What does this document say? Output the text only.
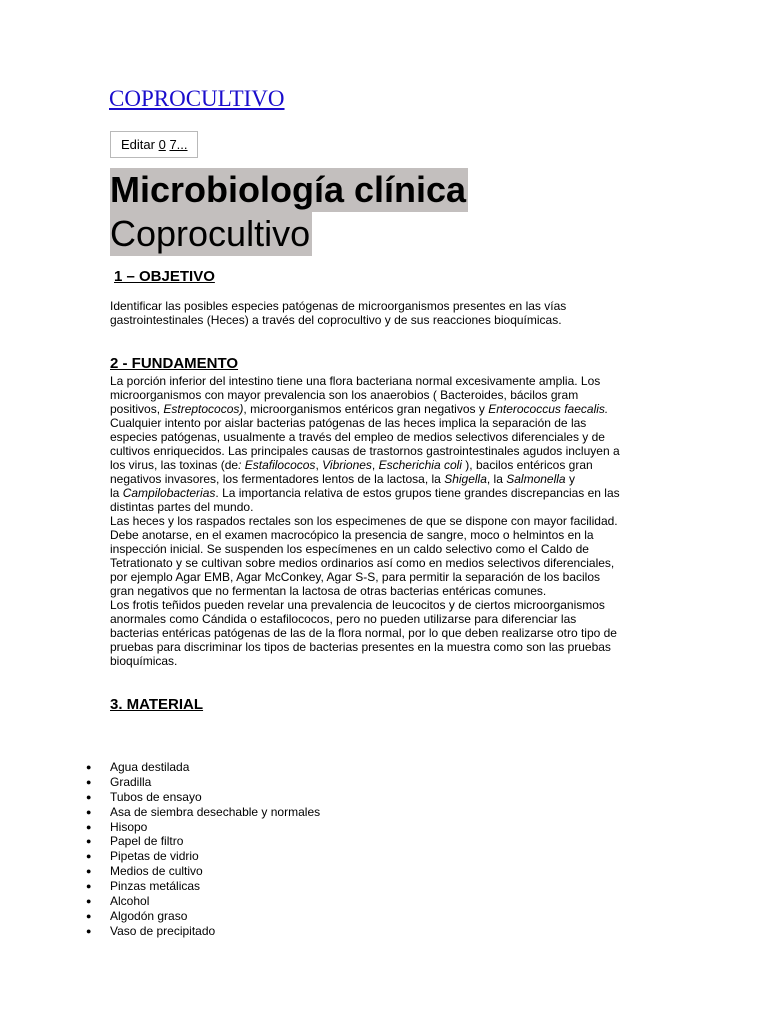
COPROCULTIVO
Editar 0 7...
Microbiología clínica
Coprocultivo
1 – OBJETIVO

Identificar las posibles especies patógenas de microorganismos presentes en las vías
gastrointestinales (Heces) a través del coprocultivo y de sus reacciones bioquímicas.

2 - FUNDAMENTO

La porción inferior del intestino tiene una flora bacteriana normal excesivamente amplia. Los
microorganismos con mayor prevalencia son los anaerobios ( Bacteroides, bácilos gram
positivos, Estreptococos), microorganismos entéricos gran negativos y Enterococcus faecalis.
Cualquier intento por aislar bacterias patógenas de las heces implica la separación de las
especies patógenas, usualmente a través del empleo de medios selectivos diferenciales y de
cultivos enriquecidos. Las principales causas de trastornos gastrointestinales agudos incluyen a
los virus, las toxinas (de: Estafilococos, Vibriones, Escherichia coli ), bacilos entéricos gran
negativos invasores, los fermentadores lentos de la lactosa, la Shigella, la Salmonella y
la Campilobacterias. La importancia relativa de estos grupos tiene grandes discrepancias en las
distintas partes del mundo.
Las heces y los raspados rectales son los especimenes de que se dispone con mayor facilidad.
Debe anotarse, en el examen macrocópico la presencia de sangre, moco o helmintos en la
inspección inicial. Se suspenden los especímenes en un caldo selectivo como el Caldo de
Tetrationato y se cultivan sobre medios ordinarios así como en medios selectivos diferenciales,
por ejemplo Agar EMB, Agar McConkey, Agar S-S, para permitir la separación de los bacilos
gran negativos que no fermentan la lactosa de otras bacterias entéricas comunes.
Los frotis teñidos pueden revelar una prevalencia de leucocitos y de ciertos microorganismos
anormales como Cándida o estafilococos, pero no pueden utilizarse para diferenciar las
bacterias entéricas patógenas de las de la flora normal, por lo que deben realizarse otro tipo de
pruebas para discriminar los tipos de bacterias presentes en la muestra como son las pruebas
bioquímicas.

3. MATERIAL
● Agua destilada
● Gradilla
● Tubos de ensayo
● Asa de siembra desechable y normales
● Hisopo
● Papel de filtro
● Pipetas de vidrio
● Medios de cultivo
● Pinzas metálicas
● Alcohol
● Algodón graso
● Vaso de precipitado
